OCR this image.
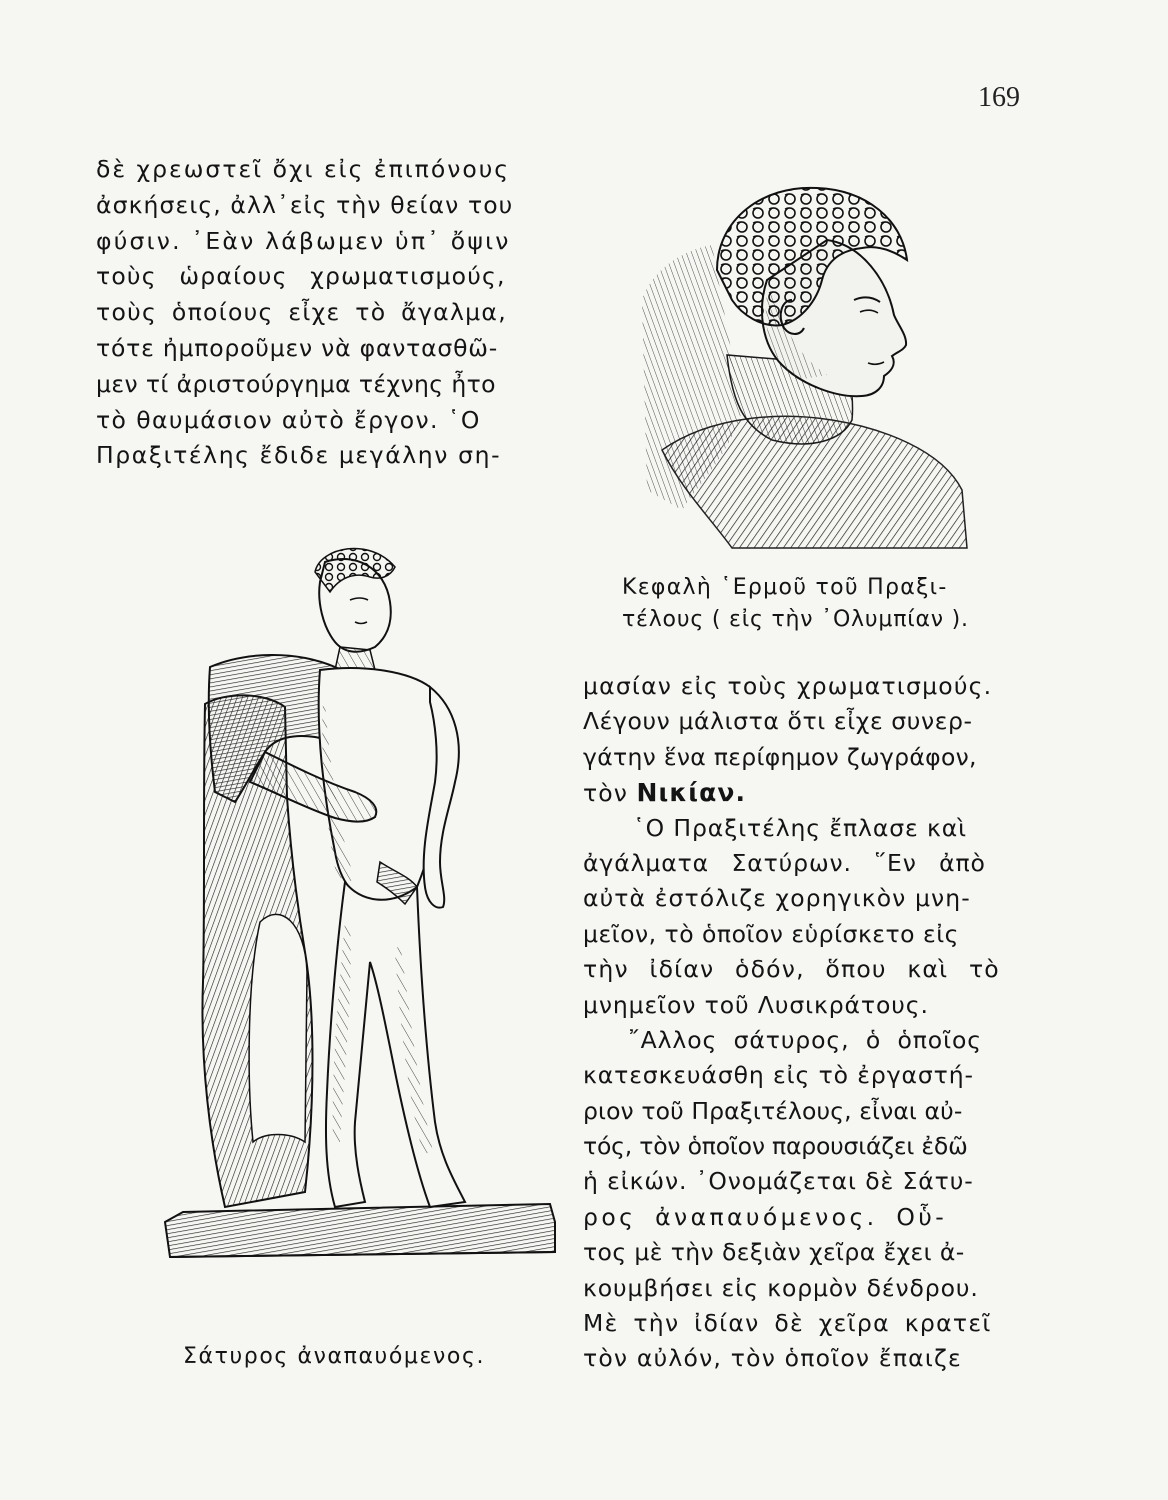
169
δὲ χρεωστεῖ ὄχι εἰς ἐπιπόνους
ἀσκήσεις, ἀλλ᾽εἰς τὴν θείαν του
φύσιν. ᾿Εὰν λάβωμεν ὑπ᾽ ὄψιν
τοὺς ὡραίους χρωματισμούς,
τοὺς ὁποίους εἶχε τὸ ἄγαλμα,
τότε ἠμποροῦμεν νὰ φαντασθῶ-
μεν τί ἀριστούργημα τέχνης ἦτο
τὸ θαυμάσιον αὐτὸ ἔργον. ῾Ο
Πραξιτέλης ἔδιδε μεγάλην ση-
Κεφαλὴ ῾Ερμοῦ τοῦ Πραξι-
τέλους ( εἰς τὴν ᾿Ολυμπίαν ).
Σάτυρος ἀναπαυόμενος.
μασίαν εἰς τοὺς χρωματισμούς.
Λέγουν μάλιστα ὅτι εἶχε συνερ-
γάτην ἕνα περίφημον ζωγράφον,
τὸν Νικίαν.
῾Ο Πραξιτέλης ἔπλασε καὶ
ἀγάλματα Σατύρων. ῞Εν ἀπὸ
αὐτὰ ἐστόλιζε χορηγικὸν μνη-
μεῖον, τὸ ὁποῖον εὑρίσκετο εἰς
τὴν ἰδίαν ὁδόν, ὅπου καὶ τὸ
μνημεῖον τοῦ Λυσικράτους.
῎Αλλος σάτυρος, ὁ ὁποῖος
κατεσκευάσθη εἰς τὸ ἐργαστή-
ριον τοῦ Πραξιτέλους, εἶναι αὐ-
τός, τὸν ὁποῖον παρουσιάζει ἐδῶ
ἡ εἰκών. ᾿Ονομάζεται δὲ Σάτυ-
ρος ἀναπαυόμενος. Οὗ-
τος μὲ τὴν δεξιὰν χεῖρα ἔχει ἀ-
κουμβήσει εἰς κορμὸν δένδρου.
Μὲ τὴν ἰδίαν δὲ χεῖρα κρατεῖ
τὸν αὐλόν, τὸν ὁποῖον ἔπαιζε
